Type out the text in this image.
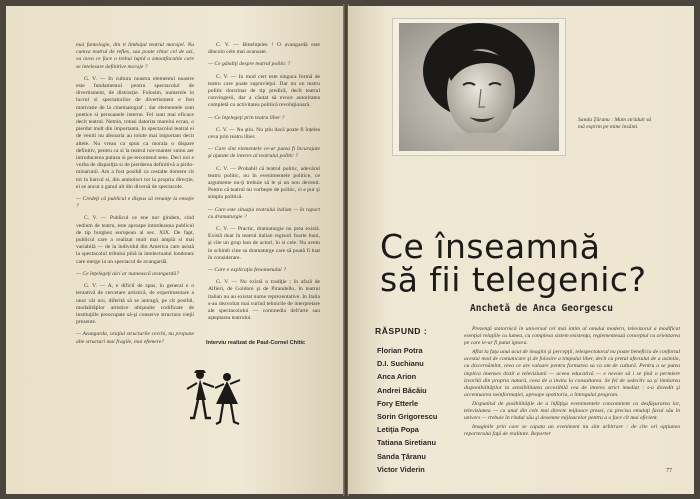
mai fantologie, din ti limbajul teatrul morajel. Nu cumva teatrul de reflex, sau poate chiar cel de azi, va avea ce face o trebui lupid o zmoatfacaitie care se intelesare definitive moraje ?

G. V. — In cultura noastra elementul noastre este fundamentul pentru spectacolul de divertisment, de distracţie. Folosim, numerele in lucrul si spectatorilor de divertisment e fost motivatie de la cinematograf ; dar elementele sunt poetice si persoanele interne. Fel sunt mai eficace decit teatrul. Netnin, totusi datorita marelui ecran, o pierdut mult din importanta. In spectacolul teatral ei de veniti nu absoaria au totute mai important decit altele. Nu vreau ca spun ca morala o dispare definitiv, pentru ca si la teatrul nor-manter sumu aer introducerea putusu si pe-recomend sens. Deci noi e vorba de dispariţia si de pierderea definitivă a pirdo-minarunii. Am a fost posibil ca cestalte doment cit tot la barcul si, din anmoloct tot la propria direcție, ei se ancut a ganul alt din diversă de spectacole.

— Credeţi că publicul e dispus să renunţe la emoţie ?

C. V. — Publicul ce ene nor gindem, cind vedium de teatru, este aproape intotdeauna publicul de tip burghez european al sec. XIX. De fapt, publicul care a realizat mult mai amplă si mai variabilă — de la individul din America care asistă la spectacolul tribului pînă la intelectualul londonez care merge la un spectacol de avangardă.

— Ce înţelegeţi aici ar numească avangardă?

G. V. — A, e dificil de spus, în general e o tentativă de cercetare artistică, de experimentare a unor căi noi, diferită să se antragă, pe cît posibil, modalităţilor artistice obişnuite codificate de instituţiile preocupate să-şi conserve structura vieţii prezente.

— Avangarda, oraţiul structurile cerchi, nu propune alte structuri mai fragile, mai efemere?

C. V. — Bineînţeles ! O avangardă este dincolo cele mai avansate.

— Ce gândiţi despre teatrul politic ?

C. V. — In mod cert este singura formă de teatru care poate supravieţui. Dar nu un teatru politic doctrinar de tip predică, decît teatrul convingerii, dar a căutat să evoce autoritatea completă cu activitatea politică revoluţionară.

— Ce înţelegeţi prin teatru liber ?

C. V. — Nu ştiu. Nu ştiu dacă poate fi înţeles ceva prin teatru liber.

— Care sînt elementele ce-ar putea fi încurajate şi ajutate de interes al teatrului politic ?

C. V. — Probabil că teatrul politic, adevărul teatru politic, nu în evenimentele politice, ce argumente nu-ţi trebuie să le și un nou devenit. Pentru că teatrul nu vorbeşte de politic, ci e pur şi simplu politică.

— Care este situaţia teatrului italian — în raport cu dramaturgie ?

C. V. — Practic, dramaturgie nu prea există. Există doar în teatrul italian regisori foarte buni, şi cîte un grup bun de actori, în si cele. Nu avem in schimb cine sa dramaturge care să poată fi luat în considerare.

— Care e explicaţia fenomenului ?

G. V. — Nu există o tradiţie ; în afară de Alfieri, de Goldoni şi de Pirandello, în teatrul italian nu au existat nume reprezentative. In Italia s-au dezvoltat mai curînd tehnicile de interpretare ale spectacolului — commedia dell'arte sau așteptarea teatrului.

Interviu realizat de Paul-Cornel Chitic
Sanda Ţăranu : Mam străduit să mă exprim pe mine însămi.
Ce înseamnă
să fii telegenic?
Anchetă de Anca Georgescu
RĂSPUND :
Florian Potra
D.I. Suchianu
Anca Arion
Andrei Băcăiu
Fory Etterle
Sorin Grigorescu
Letiţia Popa
Tatiana Siretianu
Sanda Ţăranu
Victor Viderin

Prezenţă statornică în universul cel mai intim al omului modern, televizorul a modificat esenţial relaţiile cu lumea, cu complexa sistem existenţa, reglementează conceptul cu orientarea pe care le-ar fi putut ignora.

Aflat la faţa unui acut de imagini şi percepţii, telespectatorul nu poate beneficia de confortul acestui mod de comunicare şi de folosire a timpului liber, decît cu pretul afectului de a asimila, cu discernămînt, ceea ce are valoare pentru formarea sa ca om de cultură. Pentru a se putea implica imenses distil a televiziunii — aceea educativă — e nevoie să i se ţină o permiere izvorîtă din propria natură, ceea de a invita la consultarea. Se fel de sedectiv sa și limitarea disponibilităţilor la sensibilitatea accesibilă cea de interes strict imediat : s-a dovedit şi accentuarea neinformației, aproape spotitoria, a întregului program.

Dispunînd de posibilităţile de a înfăţişa evenimentele concomitent cu desfăşurarea lor, televiziunea — ca unul din cele mai directe mijloace presei, ca precisa emulaţi facul său în univers — trebuie în rîndul său şi desemne mijloacelor pentru a o face cît mai eficient.

Imaginile prin care se capata un eveniment nu sînt arbitrare : de cîte ori opţiunea reporterului faţă de realitate. Reporter

77
